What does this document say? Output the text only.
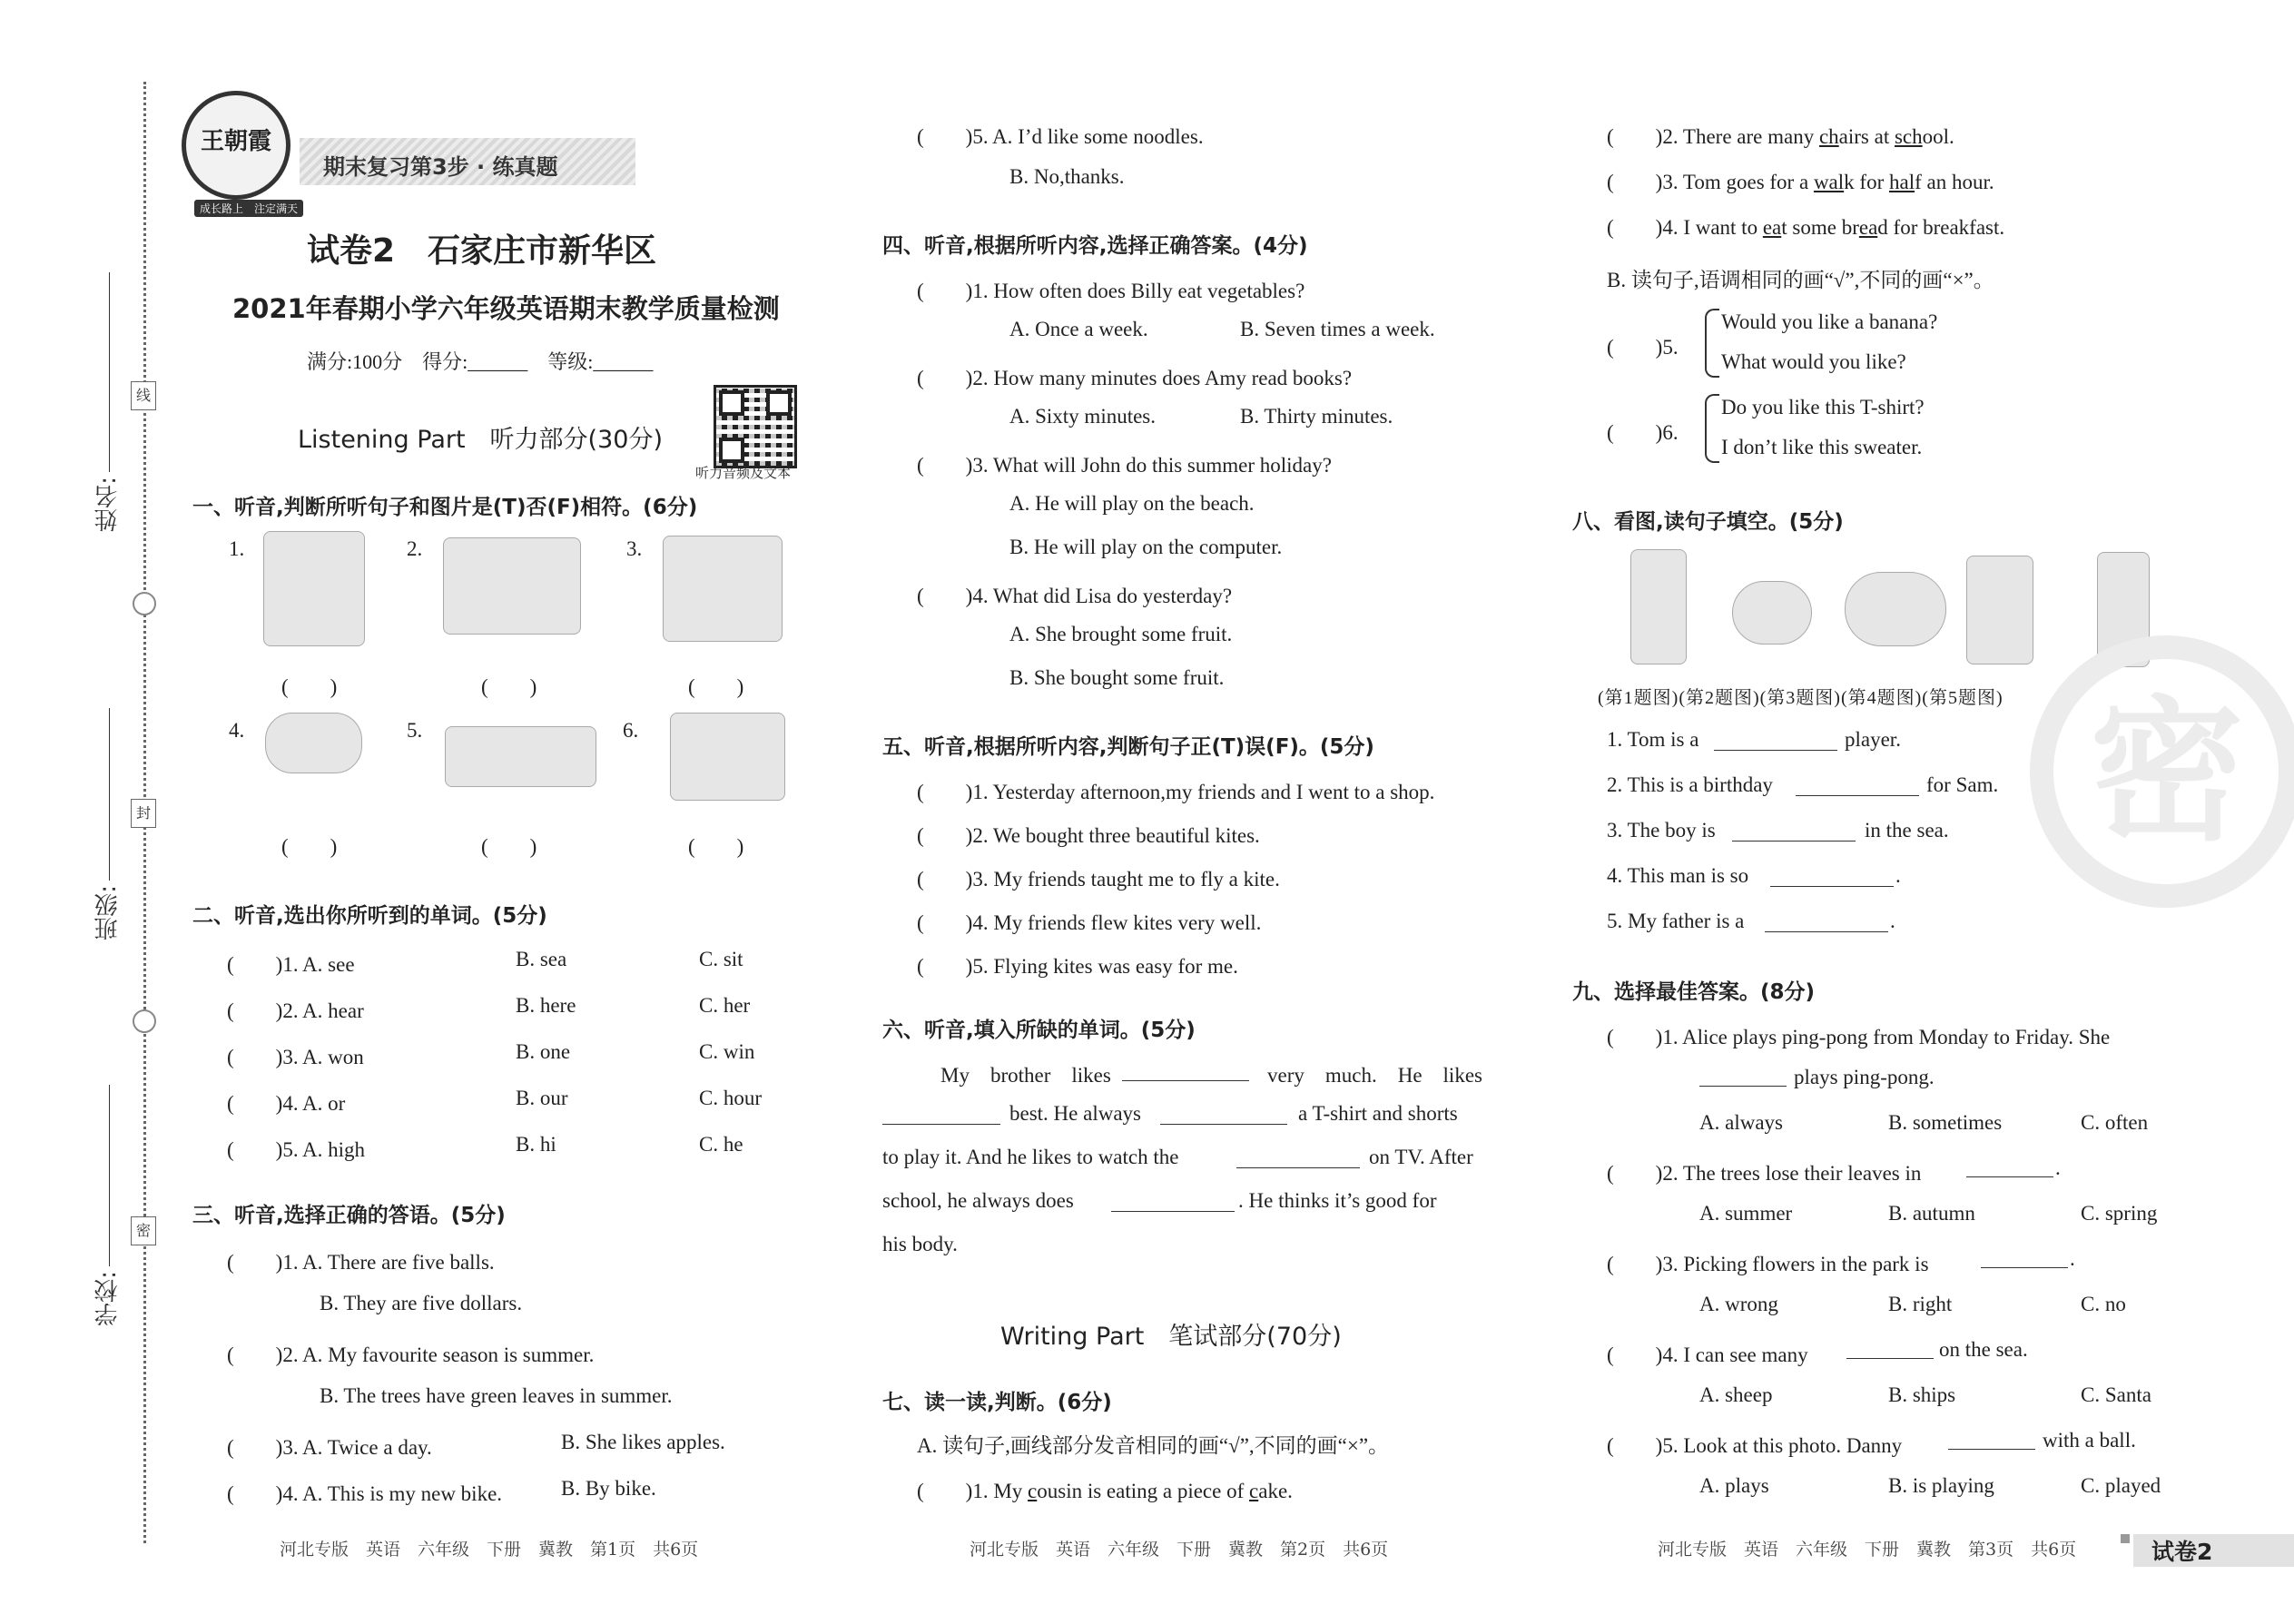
姓名:
班级:
学校:
线
封
密
王朝霞
成长路上　 注定满天
期末复习第3步 · 练真题
试卷2　石家庄市新华区
2021年春期小学六年级英语期末教学质量检测
满分:100分　得分:______　等级:______
听力音频及文本
Listening Part　听力部分(30分)
一、听音,判断所听句子和图片是(T)否(F)相符。(6分)
1.	2.	3.
(　　)	(　　)	(　　)
4.	5.	6.
(　　)	(　　)	(　　)
二、听音,选出你所听到的单词。(5分)
(　　)1. A. see	B. sea	C. sit
(　　)2. A. hear	B. here	C. her
(　　)3. A. won	B. one	C. win
(　　)4. A. or	B. our	C. hour
(　　)5. A. high	B. hi	C. he
三、听音,选择正确的答语。(5分)
(　　)1. A. There are five balls.
B. They are five dollars.
(　　)2. A. My favourite season is summer.
B. The trees have green leaves in summer.
(　　)3. A. Twice a day.	B. She likes apples.
(　　)4. A. This is my new bike.	B. By bike.
河北专版　英语　六年级　下册　冀教　第1页　共6页
(　　)5. A. I’d like some noodles.
B. No,thanks.
四、听音,根据所听内容,选择正确答案。(4分)
(　　)1. How often does Billy eat vegetables?
A. Once a week.	B. Seven times a week.
(　　)2. How many minutes does Amy read books?
A. Sixty minutes.	B. Thirty minutes.
(　　)3. What will John do this summer holiday?
A. He will play on the beach.
B. He will play on the computer.
(　　)4. What did Lisa do yesterday?
A. She brought some fruit.
B. She bought some fruit.
五、听音,根据所听内容,判断句子正(T)误(F)。(5分)
(　　)1. Yesterday afternoon,my friends and I went to a shop.
(　　)2. We bought three beautiful kites.
(　　)3. My friends taught me to fly a kite.
(　　)4. My friends flew kites very well.
(　　)5. Flying kites was easy for me.
六、听音,填入所缺的单词。(5分)
My　brother　likes	very　much.　He　likes
best. He always	a T-shirt and shorts
to play it. And he likes to watch the	on TV. After
school, he always does	. He thinks it’s good for
his body.
Writing Part　笔试部分(70分)
七、读一读,判断。(6分)
A. 读句子,画线部分发音相同的画“√”,不同的画“×”。
(　　)1. My cousin is eating a piece of cake.
河北专版　英语　六年级　下册　冀教　第2页　共6页
(　　)2. There are many chairs at school.
(　　)3. Tom goes for a walk for half an hour.
(　　)4. I want to eat some bread for breakfast.
B. 读句子,语调相同的画“√”,不同的画“×”。
(　　)5.
Would you like a banana?
What would you like?
(　　)6.
Do you like this T-shirt?
I don’t like this sweater.
八、看图,读句子填空。(5分)
(第1题图)(第2题图)(第3题图)(第4题图)(第5题图)
1. Tom is a	player.
2. This is a birthday	for Sam.
3. The boy is	in the sea.
4. This man is so	.
5. My father is a	.
九、选择最佳答案。(8分)
(　　)1. Alice plays ping-pong from Monday to Friday. She
plays ping-pong.
A. always	B. sometimes	C. often
(　　)2. The trees lose their leaves in	.
A. summer	B. autumn	C. spring
(　　)3. Picking flowers in the park is	.
A. wrong	B. right	C. no
(　　)4. I can see many	on the sea.
A. sheep	B. ships	C. Santa
(　　)5. Look at this photo. Danny	with a ball.
A. plays	B. is playing	C. played
河北专版　英语　六年级　下册　冀教　第3页　共6页	试卷2
密
